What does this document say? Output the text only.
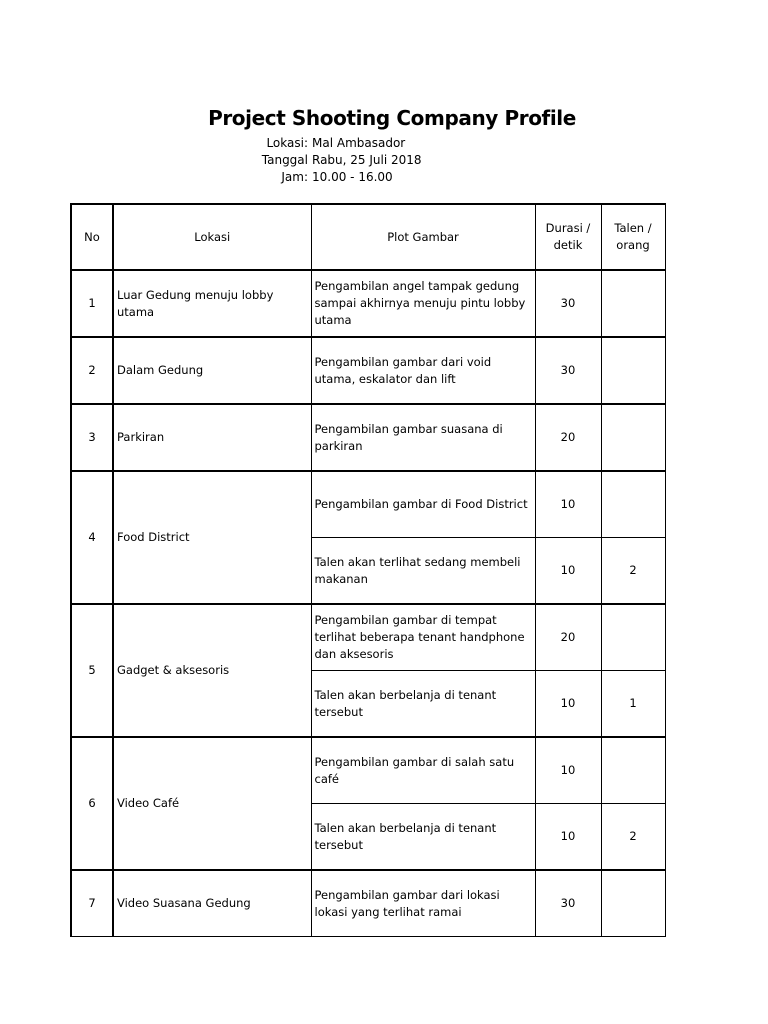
Project Shooting Company Profile
Lokasi: Mal Ambasador
Tanggal Rabu, 25 Juli 2018
Jam: 10.00 - 16.00
No	Lokasi	Plot Gambar	Durasi / detik	Talen / orang
1	Luar Gedung menuju lobby utama	Pengambilan angel tampak gedung sampai akhirnya menuju pintu lobby utama	30	
2	Dalam Gedung	Pengambilan gambar dari void utama, eskalator dan lift	30	
3	Parkiran	Pengambilan gambar suasana di parkiran	20	
4	Food District	Pengambilan gambar di Food District	10	
		Talen akan terlihat sedang membeli makanan	10	2
5	Gadget & aksesoris	Pengambilan gambar di tempat terlihat beberapa tenant handphone dan aksesoris	20	
		Talen akan berbelanja di tenant tersebut	10	1
6	Video Café	Pengambilan gambar di salah satu café	10	
		Talen akan berbelanja di tenant tersebut	10	2
7	Video Suasana Gedung	Pengambilan gambar dari lokasi lokasi yang terlihat ramai	30	
